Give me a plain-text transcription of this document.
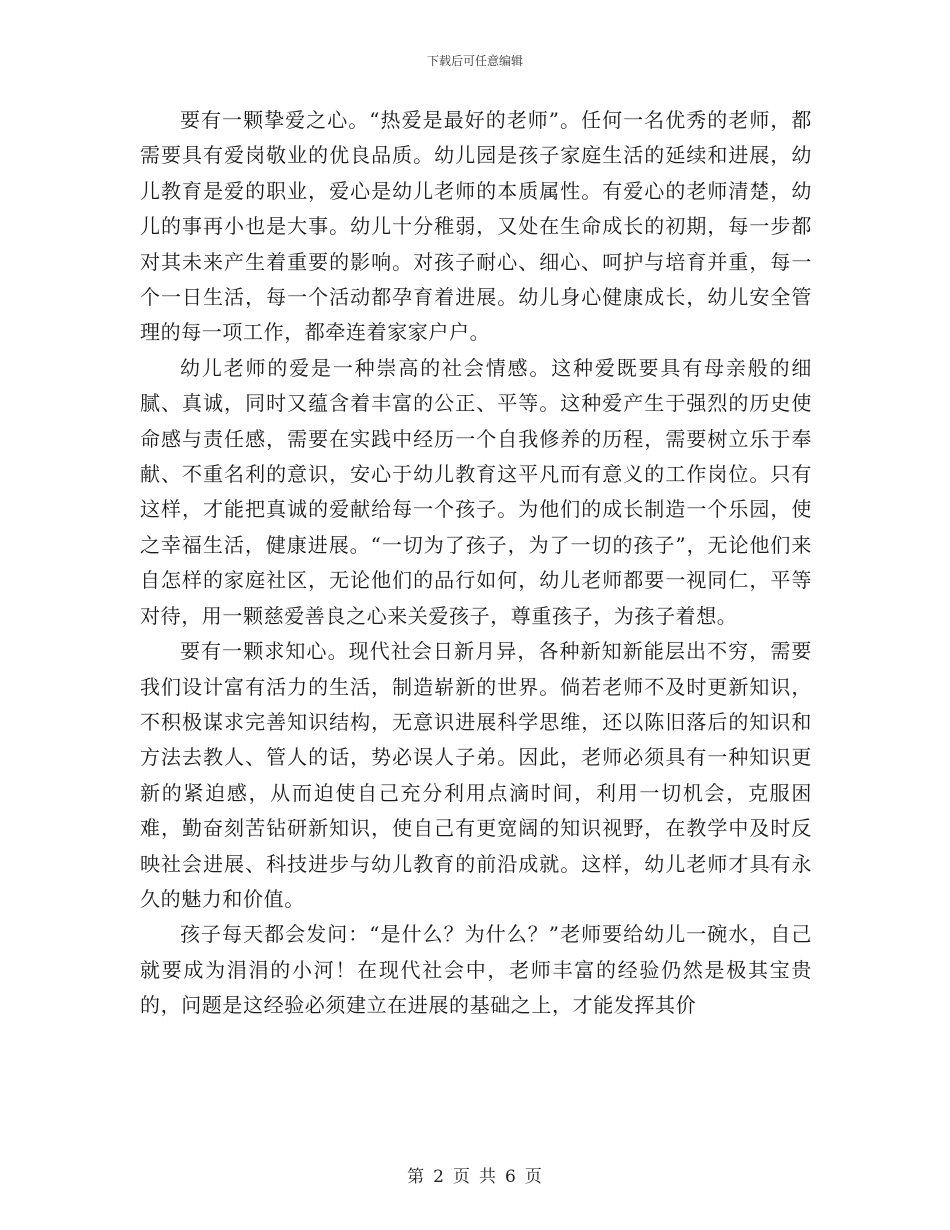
下载后可任意编辑

要有一颗挚爱之心。“热爱是最好的老师”。任何一名优秀的老师，都需要具有爱岗敬业的优良品质。幼儿园是孩子家庭生活的延续和进展，幼儿教育是爱的职业，爱心是幼儿老师的本质属性。有爱心的老师清楚，幼儿的事再小也是大事。幼儿十分稚弱，又处在生命成长的初期，每一步都对其未来产生着重要的影响。对孩子耐心、细心、呵护与培育并重，每一个一日生活，每一个活动都孕育着进展。幼儿身心健康成长，幼儿安全管理的每一项工作，都牵连着家家户户。

幼儿老师的爱是一种崇高的社会情感。这种爱既要具有母亲般的细腻、真诚，同时又蕴含着丰富的公正、平等。这种爱产生于强烈的历史使命感与责任感，需要在实践中经历一个自我修养的历程，需要树立乐于奉献、不重名利的意识，安心于幼儿教育这平凡而有意义的工作岗位。只有这样，才能把真诚的爱献给每一个孩子。为他们的成长制造一个乐园，使之幸福生活，健康进展。“一切为了孩子，为了一切的孩子”，无论他们来自怎样的家庭社区，无论他们的品行如何，幼儿老师都要一视同仁，平等对待，用一颗慈爱善良之心来关爱孩子，尊重孩子，为孩子着想。

要有一颗求知心。现代社会日新月异，各种新知新能层出不穷，需要我们设计富有活力的生活，制造崭新的世界。倘若老师不及时更新知识，不积极谋求完善知识结构，无意识进展科学思维，还以陈旧落后的知识和方法去教人、管人的话，势必误人子弟。因此，老师必须具有一种知识更新的紧迫感，从而迫使自己充分利用点滴时间，利用一切机会，克服困难，勤奋刻苦钻研新知识，使自己有更宽阔的知识视野，在教学中及时反映社会进展、科技进步与幼儿教育的前沿成就。这样，幼儿老师才具有永久的魅力和价值。

孩子每天都会发问：“是什么？为什么？”老师要给幼儿一碗水，自己就要成为涓涓的小河！在现代社会中，老师丰富的经验仍然是极其宝贵的，问题是这经验必须建立在进展的基础之上，才能发挥其价

第 2 页 共 6 页
